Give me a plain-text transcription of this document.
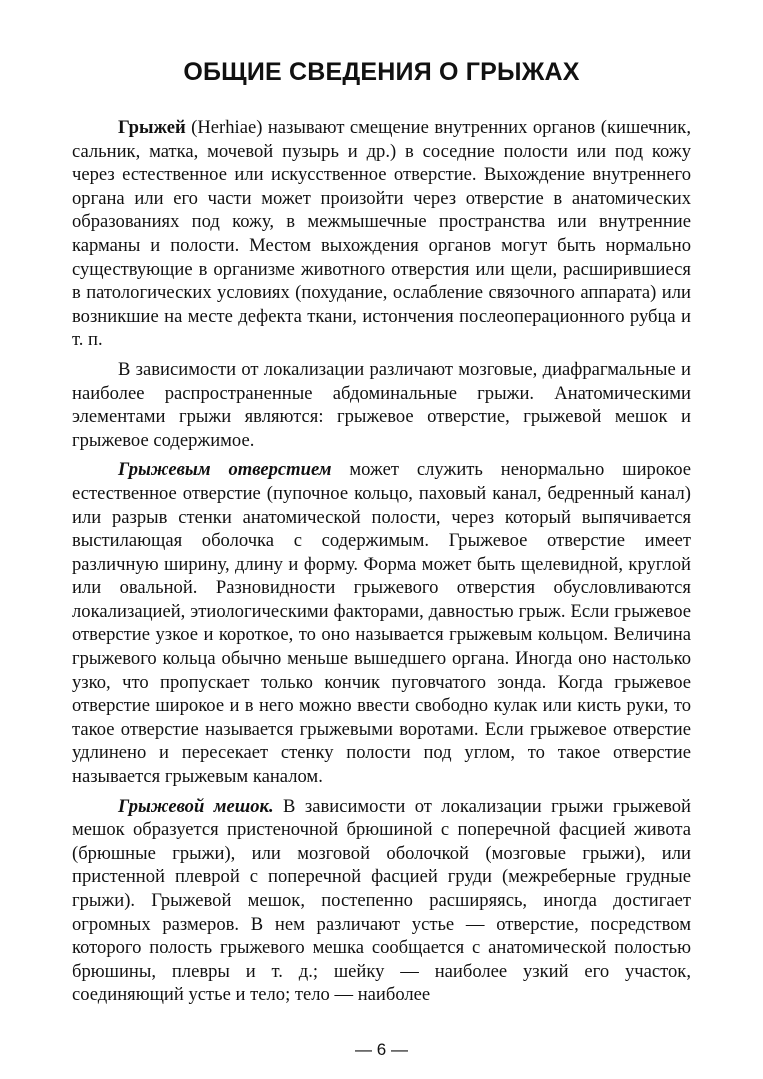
ОБЩИЕ СВЕДЕНИЯ О ГРЫЖАХ

Грыжей (Herhiae) называют смещение внутренних органов (кишечник, сальник, матка, мочевой пузырь и др.) в соседние полости или под кожу через естественное или искусственное отверстие. Выхождение внутреннего органа или его части может произойти через отверстие в анатомических образованиях под кожу, в межмышечные пространства или внутренние карманы и полости. Местом выхождения органов могут быть нормально существующие в организме животного отверстия или щели, расширившиеся в патологических условиях (похудание, ослабление связочного аппарата) или возникшие на месте дефекта ткани, истончения послеоперационного рубца и т. п.

В зависимости от локализации различают мозговые, диафрагмальные и наиболее распространенные абдоминальные грыжи. Анатомическими элементами грыжи являются: грыжевое отверстие, грыжевой мешок и грыжевое содержимое.

Грыжевым отверстием может служить ненормально широкое естественное отверстие (пупочное кольцо, паховый канал, бедренный канал) или разрыв стенки анатомической полости, через который выпячивается выстилающая оболочка с содержимым. Грыжевое отверстие имеет различную ширину, длину и форму. Форма может быть щелевидной, круглой или овальной. Разновидности грыжевого отверстия обусловливаются локализацией, этиологическими факторами, давностью грыж. Если грыжевое отверстие узкое и короткое, то оно называется грыжевым кольцом. Величина грыжевого кольца обычно меньше вышедшего органа. Иногда оно настолько узко, что пропускает только кончик пуговчатого зонда. Когда грыжевое отверстие широкое и в него можно ввести свободно кулак или кисть руки, то такое отверстие называется грыжевыми воротами. Если грыжевое отверстие удлинено и пересекает стенку полости под углом, то такое отверстие называется грыжевым каналом.

Грыжевой мешок. В зависимости от локализации грыжи грыжевой мешок образуется пристеночной брюшиной с поперечной фасцией живота (брюшные грыжи), или мозговой оболочкой (мозговые грыжи), или пристенной плеврой с поперечной фасцией груди (межреберные грудные грыжи). Грыжевой мешок, постепенно расширяясь, иногда достигает огромных размеров. В нем различают устье — отверстие, посредством которого полость грыжевого мешка сообщается с анатомической полостью брюшины, плевры и т. д.; шейку — наиболее узкий его участок, соединяющий устье и тело; тело — наиболее

— 6 —
